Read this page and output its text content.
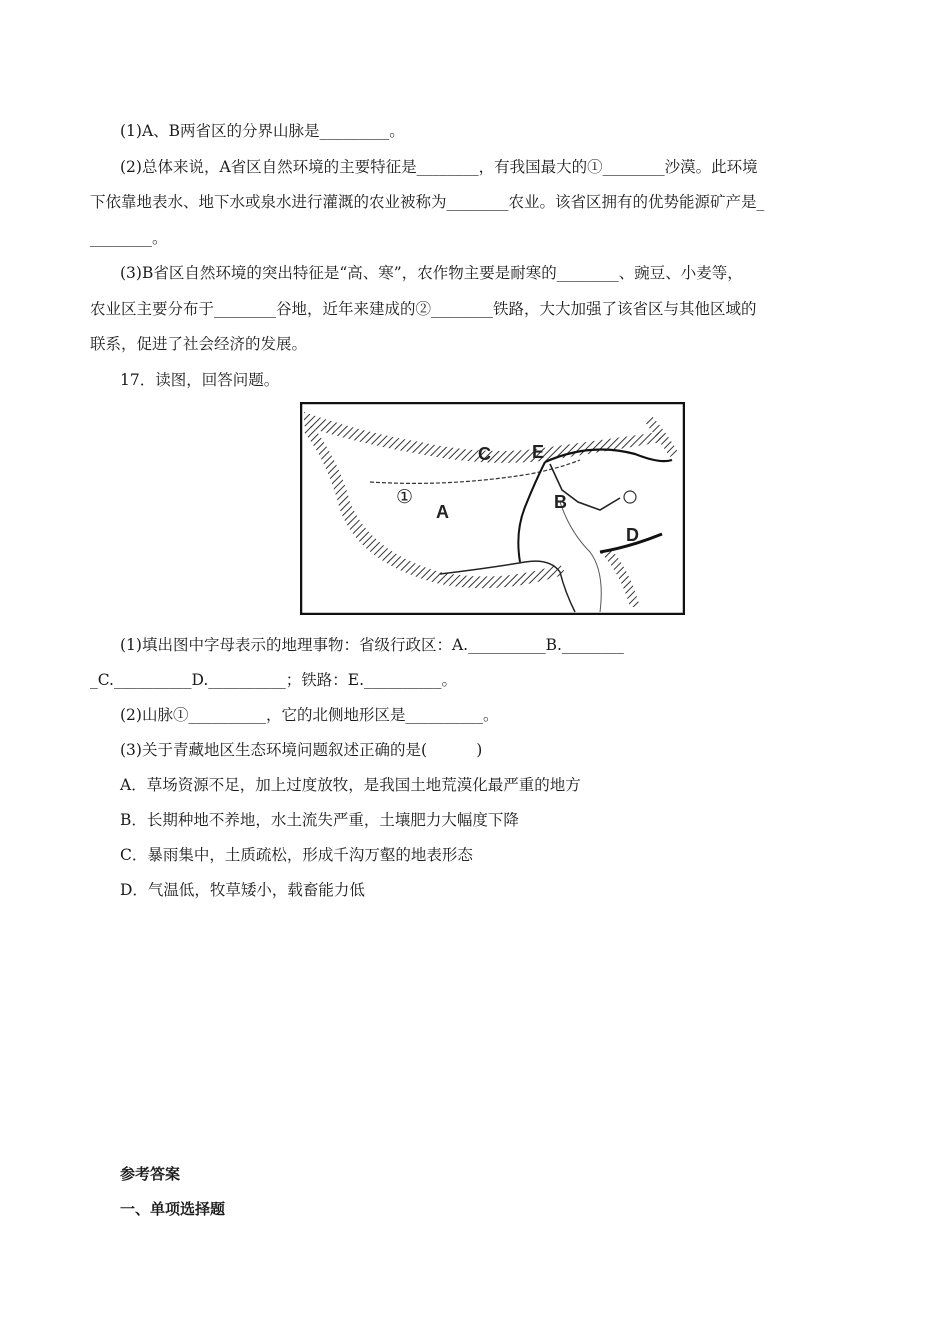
(1)A、B两省区的分界山脉是_________。
(2)总体来说，A省区自然环境的主要特征是________，有我国最大的①________沙漠。此环境
下依靠地表水、地下水或泉水进行灌溉的农业被称为________农业。该省区拥有的优势能源矿产是_
________。
(3)B省区自然环境的突出特征是“高、寒”，农作物主要是耐寒的________、豌豆、小麦等，
农业区主要分布于________谷地，近年来建成的②________铁路，大大加强了该省区与其他区域的
联系，促进了社会经济的发展。
17．读图，回答问题。
C E
①
A	B
D
(1)填出图中字母表示的地理事物：省级行政区：A.__________B.________
_C.__________D.__________；铁路：E.__________。
(2)山脉①__________，它的北侧地形区是__________。
(3)关于青藏地区生态环境问题叙述正确的是(          )
A．草场资源不足，加上过度放牧，是我国土地荒漠化最严重的地方
B．长期种地不养地，水土流失严重，土壤肥力大幅度下降
C．暴雨集中，土质疏松，形成千沟万壑的地表形态
D．气温低，牧草矮小，载畜能力低
参考答案
一、单项选择题
